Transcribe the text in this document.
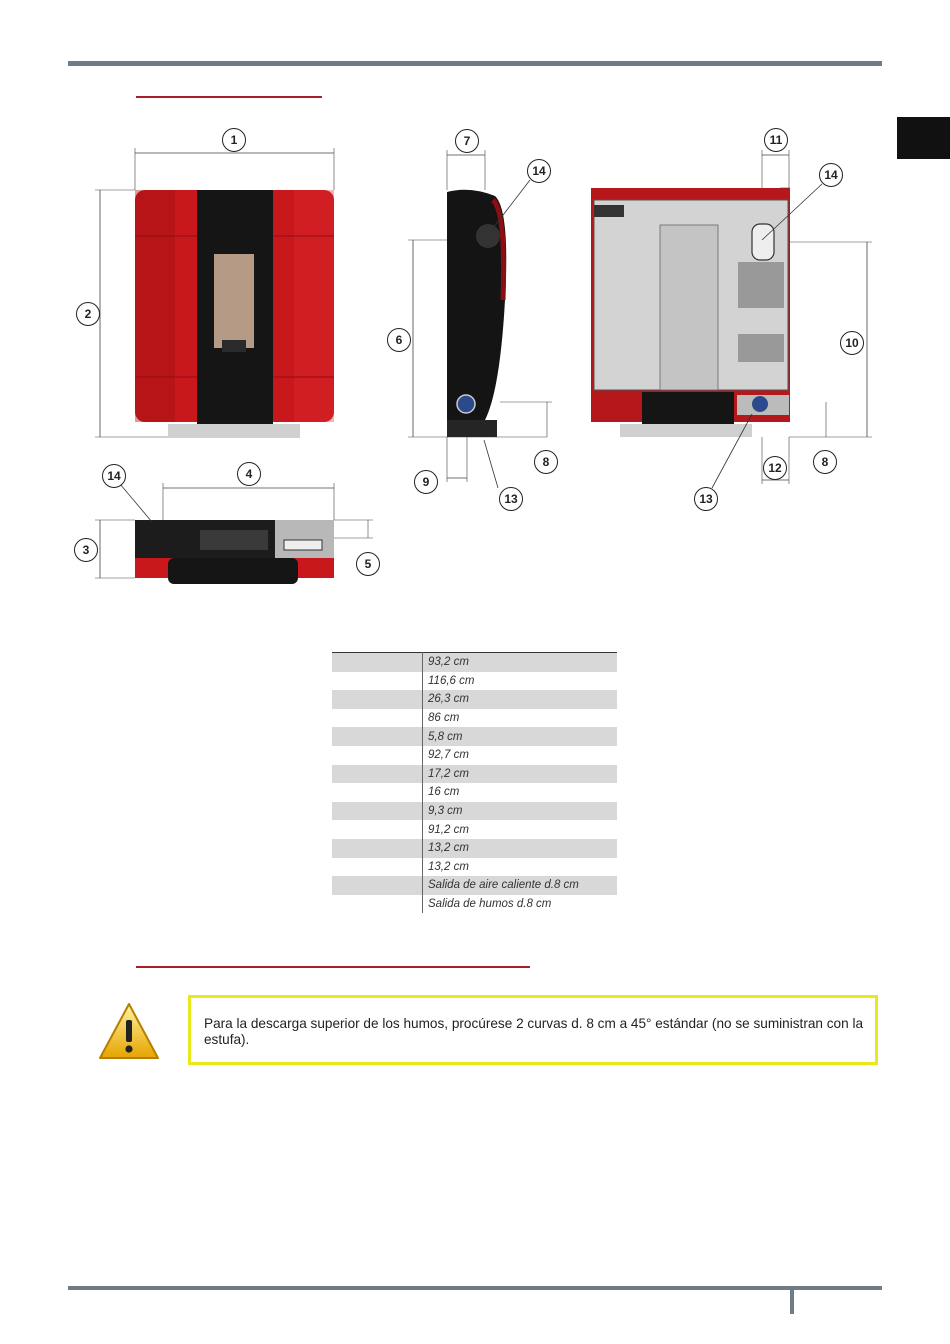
1
2
3
4
5
6
7
8	8
9
10
11
12
13	13
14	14
14
	93,2 cm
	116,6 cm
	26,3 cm
	86 cm
	5,8 cm
	92,7 cm
	17,2 cm
	16 cm
	9,3 cm
	91,2 cm
	13,2 cm
	13,2 cm
	Salida de aire caliente d.8 cm
	Salida de humos d.8 cm
Para la descarga superior de los humos, procúrese 2 curvas d. 8 cm a 45° estándar (no se suministran con la estufa).
